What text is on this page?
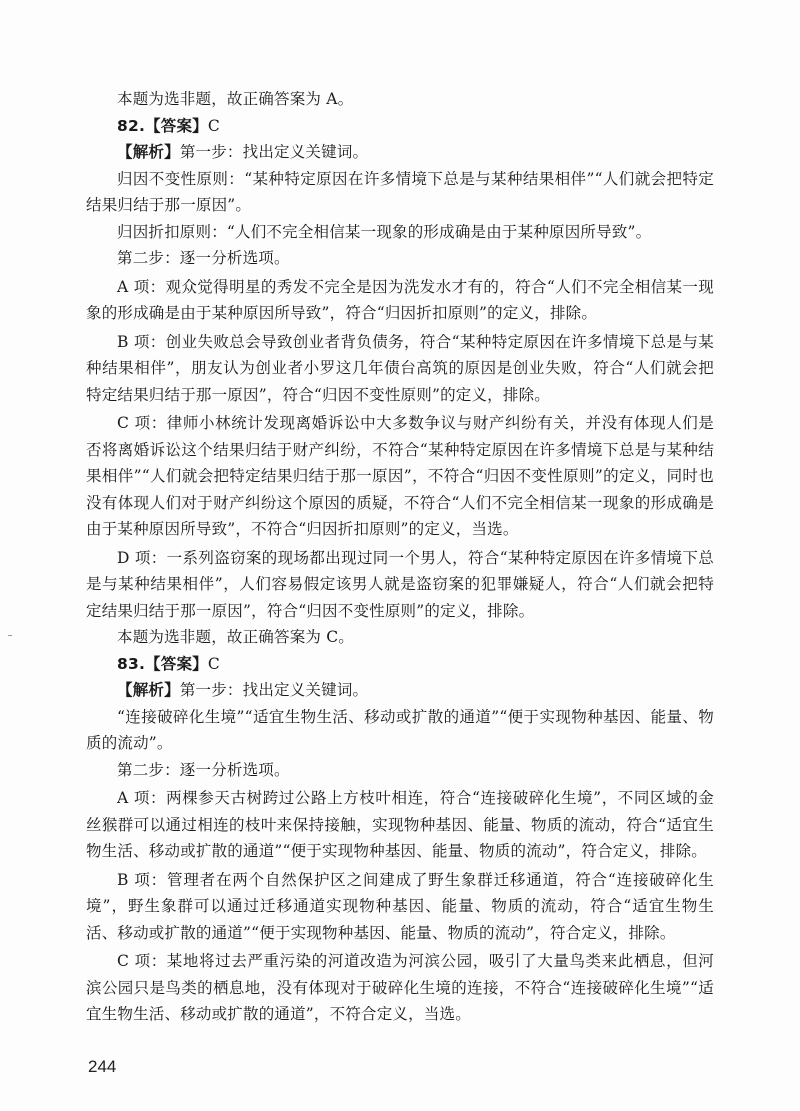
本题为选非题，故正确答案为 A。

82.【答案】C

【解析】第一步：找出定义关键词。

归因不变性原则：“某种特定原因在许多情境下总是与某种结果相伴”“人们就会把特定结果归结于那一原因”。

归因折扣原则：“人们不完全相信某一现象的形成确是由于某种原因所导致”。

第二步：逐一分析选项。

A 项：观众觉得明星的秀发不完全是因为洗发水才有的，符合“人们不完全相信某一现象的形成确是由于某种原因所导致”，符合“归因折扣原则”的定义，排除。

B 项：创业失败总会导致创业者背负债务，符合“某种特定原因在许多情境下总是与某种结果相伴”，朋友认为创业者小罗这几年债台高筑的原因是创业失败，符合“人们就会把特定结果归结于那一原因”，符合“归因不变性原则”的定义，排除。

C 项：律师小林统计发现离婚诉讼中大多数争议与财产纠纷有关，并没有体现人们是否将离婚诉讼这个结果归结于财产纠纷，不符合“某种特定原因在许多情境下总是与某种结果相伴”“人们就会把特定结果归结于那一原因”，不符合“归因不变性原则”的定义，同时也没有体现人们对于财产纠纷这个原因的质疑，不符合“人们不完全相信某一现象的形成确是由于某种原因所导致”，不符合“归因折扣原则”的定义，当选。

D 项：一系列盗窃案的现场都出现过同一个男人，符合“某种特定原因在许多情境下总是与某种结果相伴”，人们容易假定该男人就是盗窃案的犯罪嫌疑人，符合“人们就会把特定结果归结于那一原因”，符合“归因不变性原则”的定义，排除。

本题为选非题，故正确答案为 C。

83.【答案】C

【解析】第一步：找出定义关键词。

“连接破碎化生境”“适宜生物生活、移动或扩散的通道”“便于实现物种基因、能量、物质的流动”。

第二步：逐一分析选项。

A 项：两棵参天古树跨过公路上方枝叶相连，符合“连接破碎化生境”，不同区域的金丝猴群可以通过相连的枝叶来保持接触，实现物种基因、能量、物质的流动，符合“适宜生物生活、移动或扩散的通道”“便于实现物种基因、能量、物质的流动”，符合定义，排除。

B 项：管理者在两个自然保护区之间建成了野生象群迁移通道，符合“连接破碎化生境”，野生象群可以通过迁移通道实现物种基因、能量、物质的流动，符合“适宜生物生活、移动或扩散的通道”“便于实现物种基因、能量、物质的流动”，符合定义，排除。

C 项：某地将过去严重污染的河道改造为河滨公园，吸引了大量鸟类来此栖息，但河滨公园只是鸟类的栖息地，没有体现对于破碎化生境的连接，不符合“连接破碎化生境”“适宜生物生活、移动或扩散的通道”，不符合定义，当选。

244
